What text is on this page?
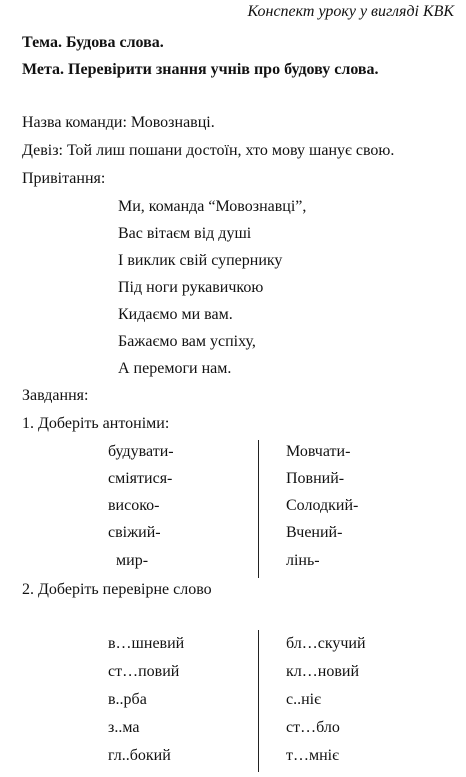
Конспект уроку у вигляді КВК
Тема. Будова слова.
Мета. Перевірити знання учнів про будову слова.
Назва команди: Мовознавці.
Девіз: Той лиш пошани достоїн, хто мову шанує свою.
Привітання:
Ми, команда “Мовознавці”,
Вас вітаєм від душі
І виклик свій супернику
Під ноги рукавичкою
Кидаємо ми вам.
Бажаємо вам успіху,
А перемоги нам.
Завдання:
1. Доберіть антоніми:
будувати-
сміятися-
високо-
свіжий-
мир-
Мовчати-
Повний-
Солодкий-
Вчений-
лінь-
2. Доберіть перевірне слово
в…шневий
ст…повий
в..рба
з..ма
гл..бокий
бл…скучий
кл…новий
с..ніє
ст…бло
т…мніє
